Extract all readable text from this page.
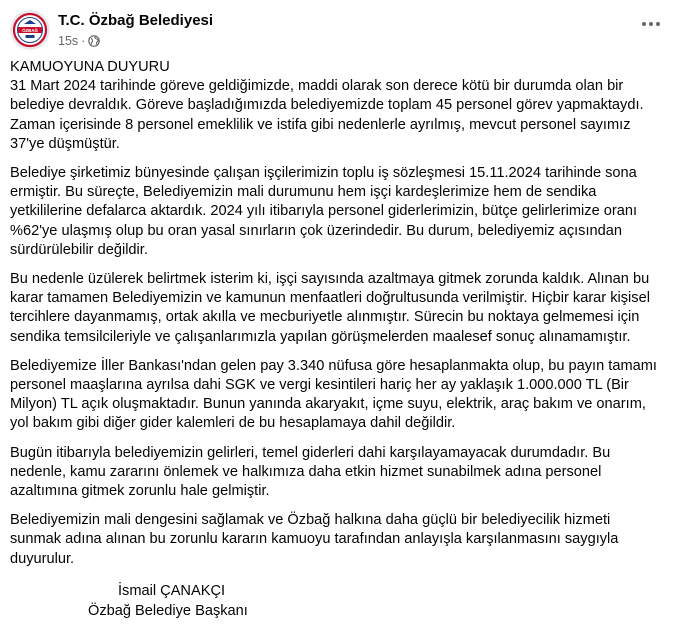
ÖZBAĞ
T.C. Özbağ Belediyesi
15s ·
KAMUOYUNA DUYURU
31 Mart 2024 tarihinde göreve geldiğimizde, maddi olarak son derece kötü bir durumda olan bir
belediye devraldık. Göreve başladığımızda belediyemizde toplam 45 personel görev yapmaktaydı.
Zaman içerisinde 8 personel emeklilik ve istifa gibi nedenlerle ayrılmış, mevcut personel sayımız
37'ye düşmüştür.
Belediye şirketimiz bünyesinde çalışan işçilerimizin toplu iş sözleşmesi 15.11.2024 tarihinde sona
ermiştir. Bu süreçte, Belediyemizin mali durumunu hem işçi kardeşlerimize hem de sendika
yetkililerine defalarca aktardık. 2024 yılı itibarıyla personel giderlerimizin, bütçe gelirlerimize oranı
%62'ye ulaşmış olup bu oran yasal sınırların çok üzerindedir. Bu durum, belediyemiz açısından
sürdürülebilir değildir.
Bu nedenle üzülerek belirtmek isterim ki, işçi sayısında azaltmaya gitmek zorunda kaldık. Alınan bu
karar tamamen Belediyemizin ve kamunun menfaatleri doğrultusunda verilmiştir. Hiçbir karar kişisel
tercihlere dayanmamış, ortak akılla ve mecburiyetle alınmıştır. Sürecin bu noktaya gelmemesi için
sendika temsilcileriyle ve çalışanlarımızla yapılan görüşmelerden maalesef sonuç alınamamıştır.
Belediyemize İller Bankası'ndan gelen pay 3.340 nüfusa göre hesaplanmakta olup, bu payın tamamı
personel maaşlarına ayrılsa dahi SGK ve vergi kesintileri hariç her ay yaklaşık 1.000.000 TL (Bir
Milyon) TL açık oluşmaktadır. Bunun yanında akaryakıt, içme suyu, elektrik, araç bakım ve onarım,
yol bakım gibi diğer gider kalemleri de bu hesaplamaya dahil değildir.
Bugün itibarıyla belediyemizin gelirleri, temel giderleri dahi karşılayamayacak durumdadır. Bu
nedenle, kamu zararını önlemek ve halkımıza daha etkin hizmet sunabilmek adına personel
azaltımına gitmek zorunlu hale gelmiştir.
Belediyemizin mali dengesini sağlamak ve Özbağ halkına daha güçlü bir belediyecilik hizmeti
sunmak adına alınan bu zorunlu kararın kamuoyu tarafından anlayışla karşılanmasını saygıyla
duyurulur.
İsmail ÇANAKÇI
Özbağ Belediye Başkanı
